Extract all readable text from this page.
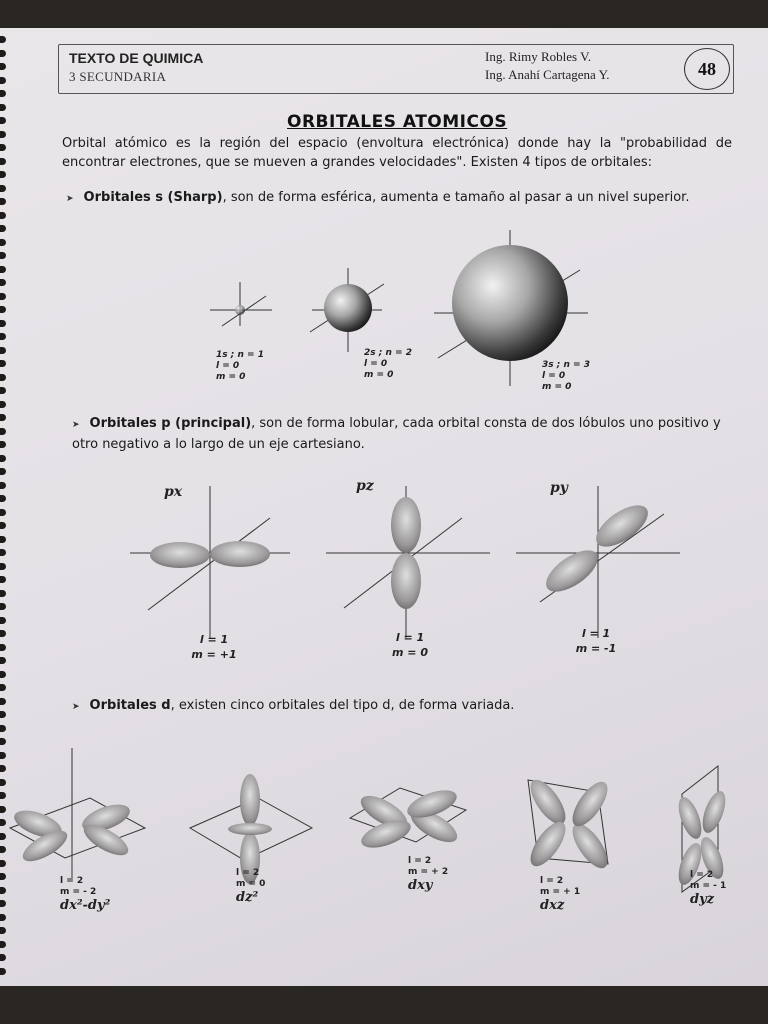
TEXTO DE QUIMICA
3 SECUNDARIA
Ing. Rimy Robles V.
Ing. Anahí Cartagena Y.	48
ORBITALES ATOMICOS
Orbital atómico es la región del espacio (envoltura electrónica) donde hay la "probabilidad de encontrar electrones, que se mueven a grandes velocidades". Existen 4 tipos de orbitales:
➤ Orbitales s (Sharp), son de forma esférica, aumenta e tamaño al pasar a un nivel superior.
1s ; n = 1
l = 0
m = 0
2s ; n = 2
l = 0
m = 0
3s ; n = 3
l = 0
m = 0
➤ Orbitales p (principal), son de forma lobular, cada orbital consta de dos lóbulos uno positivo y otro negativo a lo largo de un eje cartesiano.
px	pz	py
l = 1
m = +1
l = 1
m = 0
l = 1
m = -1
➤ Orbitales d, existen cinco orbitales del tipo d, de forma variada.
l = 2
m = - 2
dx²-dy²
l = 2
m = 0
dz²
l = 2
m = + 2
dxy	l = 2
m = + 1
dxz
l = 2
m = - 1
dyz
